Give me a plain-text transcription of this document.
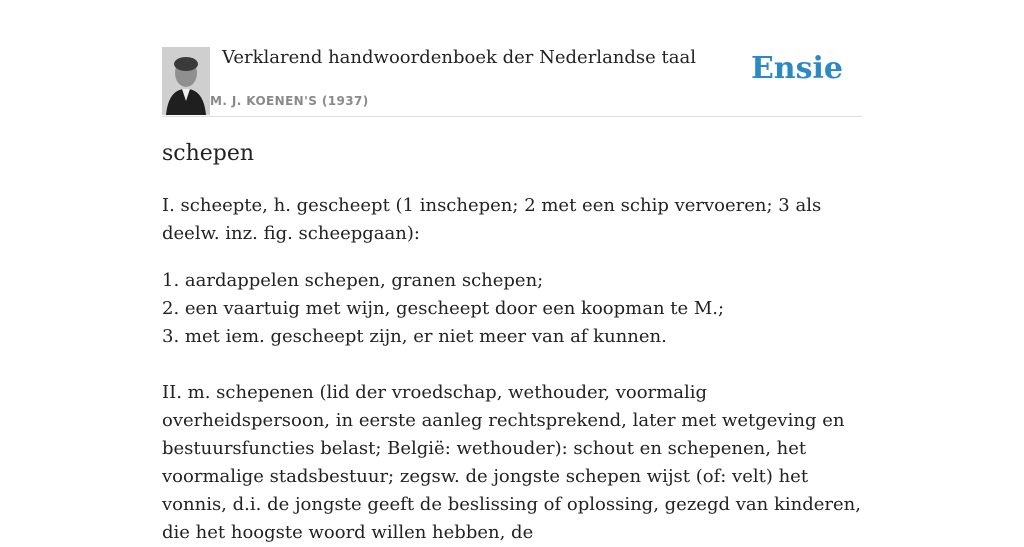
Verklarend handwoordenboek der Nederlandse taal
M. J. KOENEN'S (1937)
Ensie
schepen

I. scheepte, h. gescheept (1 inschepen; 2 met een schip vervoeren; 3 als deelw. inz. fig. scheepgaan):

1. aardappelen schepen, granen schepen;
2. een vaartuig met wijn, gescheept door een koopman te M.;
3. met iem. gescheept zijn, er niet meer van af kunnen.

II. m. schepenen (lid der vroedschap, wethouder, voormalig overheidspersoon, in eerste aanleg rechtsprekend, later met wetgeving en bestuursfuncties belast; België: wethouder): schout en schepenen, het voormalige stadsbestuur; zegsw. de jongste schepen wijst (of: velt) het vonnis, d.i. de jongste geeft de beslissing of oplossing, gezegd van kinderen, die het hoogste woord willen hebben, de
